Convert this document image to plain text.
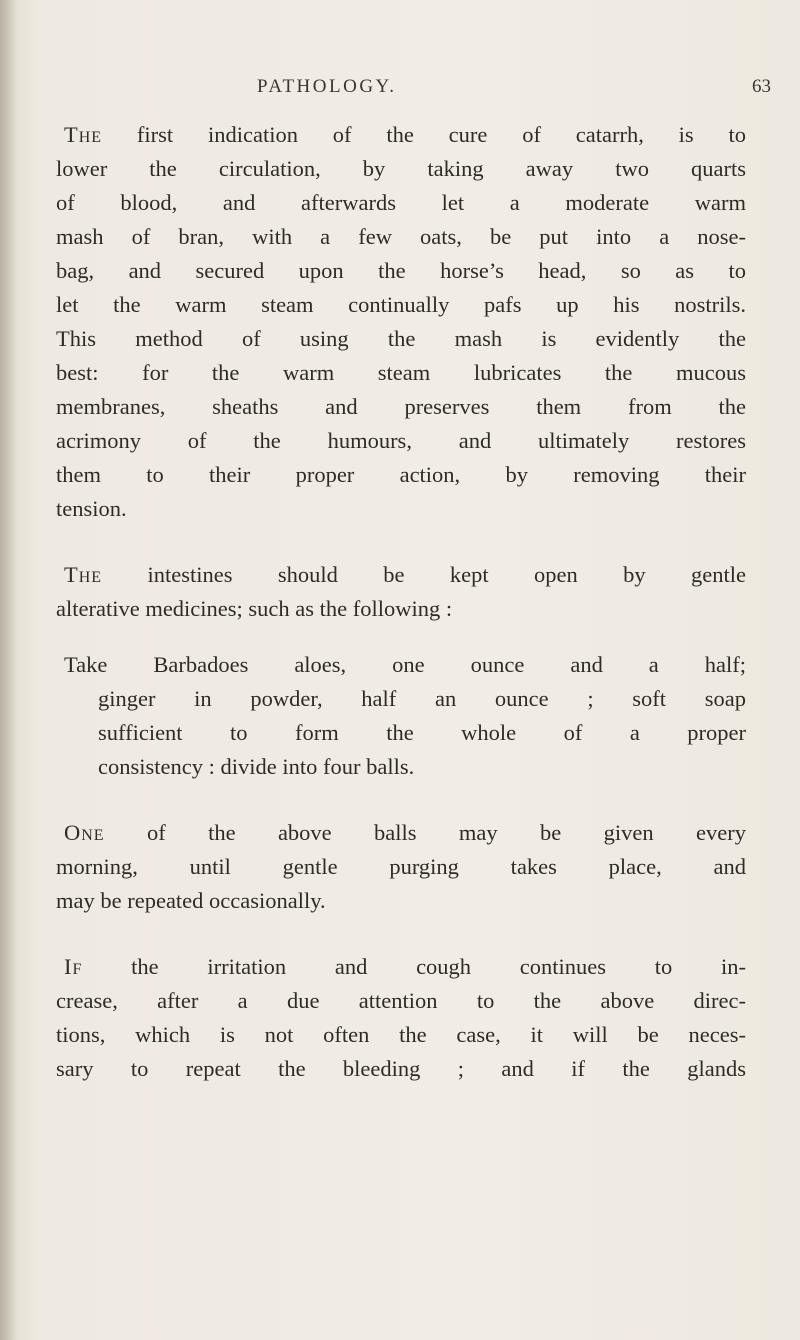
PATHOLOGY.	63
The first indication of the cure of catarrh, is to
lower the circulation, by taking away two quarts
of blood, and afterwards let a moderate warm
mash of bran, with a few oats, be put into a nose-
bag, and secured upon the horse’s head, so as to
let the warm steam continually pafs up his nostrils.
This method of using the mash is evidently the
best: for the warm steam lubricates the mucous
membranes, sheaths and preserves them from the
acrimony of the humours, and ultimately restores
them to their proper action, by removing their
tension.
The intestines should be kept open by gentle
alterative medicines; such as the following :
Take Barbadoes aloes, one ounce and a half;
ginger in powder, half an ounce ; soft soap
sufficient to form the whole of a proper
consistency : divide into four balls.
One of the above balls may be given every
morning, until gentle purging takes place, and
may be repeated occasionally.
If the irritation and cough continues to in-
crease, after a due attention to the above direc-
tions, which is not often the case, it will be neces-
sary to repeat the bleeding ; and if the glands
